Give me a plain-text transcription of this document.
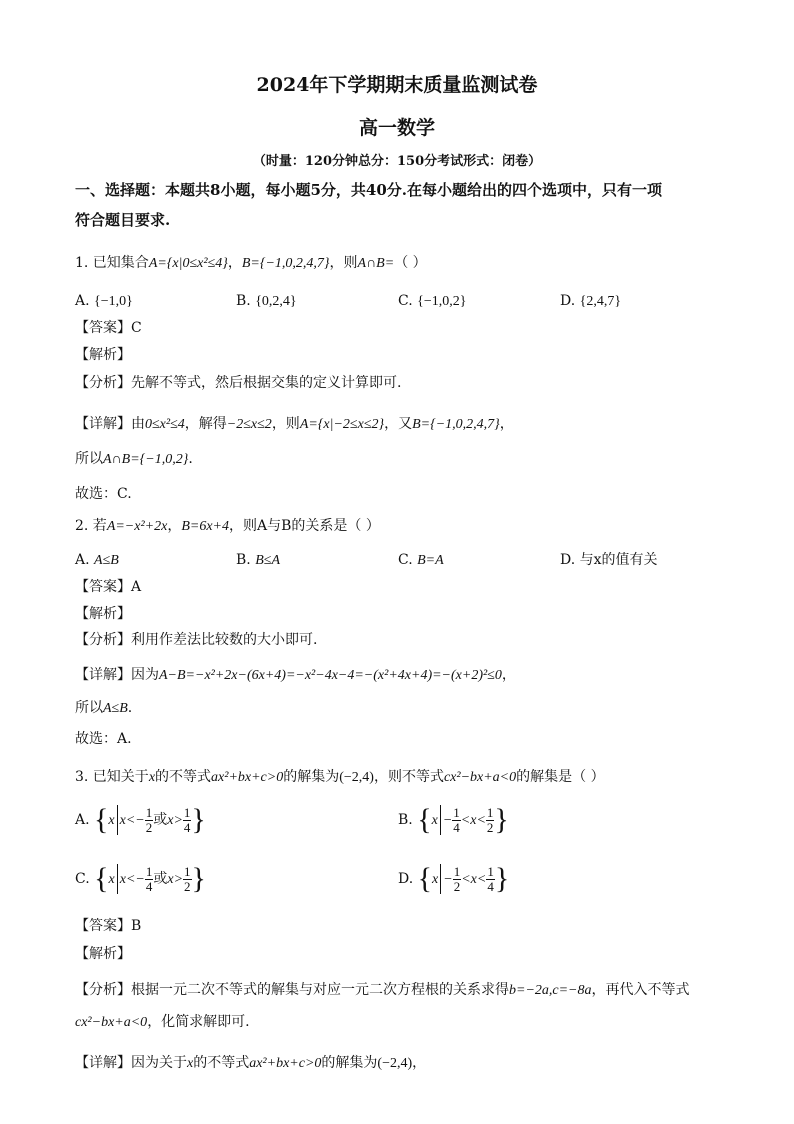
2024年下学期期末质量监测试卷
高一数学
（时量：120分钟总分：150分考试形式：闭卷）
一、选择题：本题共8小题，每小题5分，共40分.在每小题给出的四个选项中，只有一项
符合题目要求.
1. 已知集合A={x|0≤x²≤4}，B={−1,0,2,4,7}，则A∩B=（ ）
A. {−1,0}	B. {0,2,4}	C. {−1,0,2}	D. {2,4,7}
【答案】C
【解析】
【分析】先解不等式，然后根据交集的定义计算即可.
【详解】由0≤x²≤4，解得−2≤x≤2，则A={x|−2≤x≤2}，又B={−1,0,2,4,7}，
所以A∩B={−1,0,2}.
故选：C.
2. 若A=−x²+2x，B=6x+4，则A与B的关系是（ ）
A. A≤B	B. B≤A	C. B=A	D. 与x的值有关
【答案】A
【解析】
【分析】利用作差法比较数的大小即可.
【详解】因为A−B=−x²+2x−(6x+4)=−x²−4x−4=−(x²+4x+4)=−(x+2)²≤0，
所以A≤B.
故选：A.
3. 已知关于x的不等式ax²+bx+c>0的解集为(−2,4)，则不等式cx²−bx+a<0的解集是（ ）
A. {x $x<- \frac{1}{2}$ 或$x> \frac{1}{4}$ }	B. {$x - \frac{1}{4} <x< \frac{1}{2}$ }
C. {x $x<- \frac{1}{4}$ 或$x> \frac{1}{2}$ }	D. {$x - \frac{1}{2} <x< \frac{1}{4}$ }
【答案】B
【解析】
【分析】根据一元二次不等式的解集与对应一元二次方程根的关系求得b=−2a,c=−8a，再代入不等式
cx²−bx+a<0，化简求解即可.
【详解】因为关于x的不等式ax²+bx+c>0的解集为(−2,4)，
